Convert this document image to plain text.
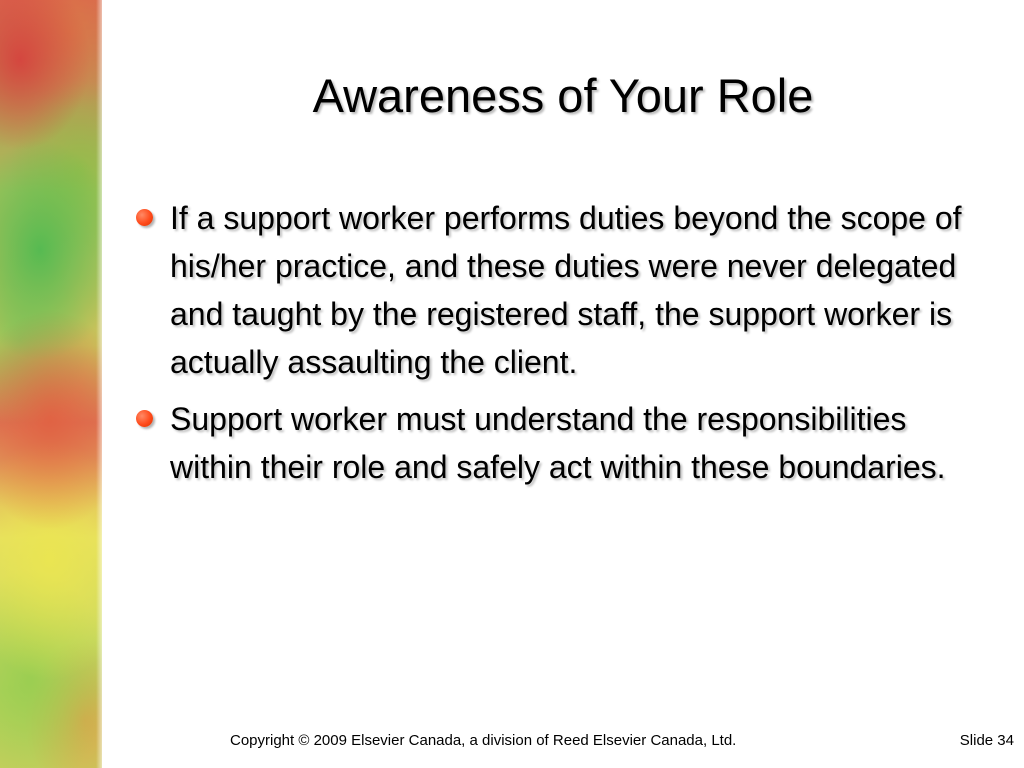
Awareness of Your Role
If a support worker performs duties beyond the scope of his/her practice, and these duties were never delegated and taught by the registered staff, the support worker is actually assaulting the client.
Support worker must understand the responsibilities within their role and safely act within these boundaries.
Copyright © 2009 Elsevier Canada, a division of Reed Elsevier Canada, Ltd.	Slide 34
